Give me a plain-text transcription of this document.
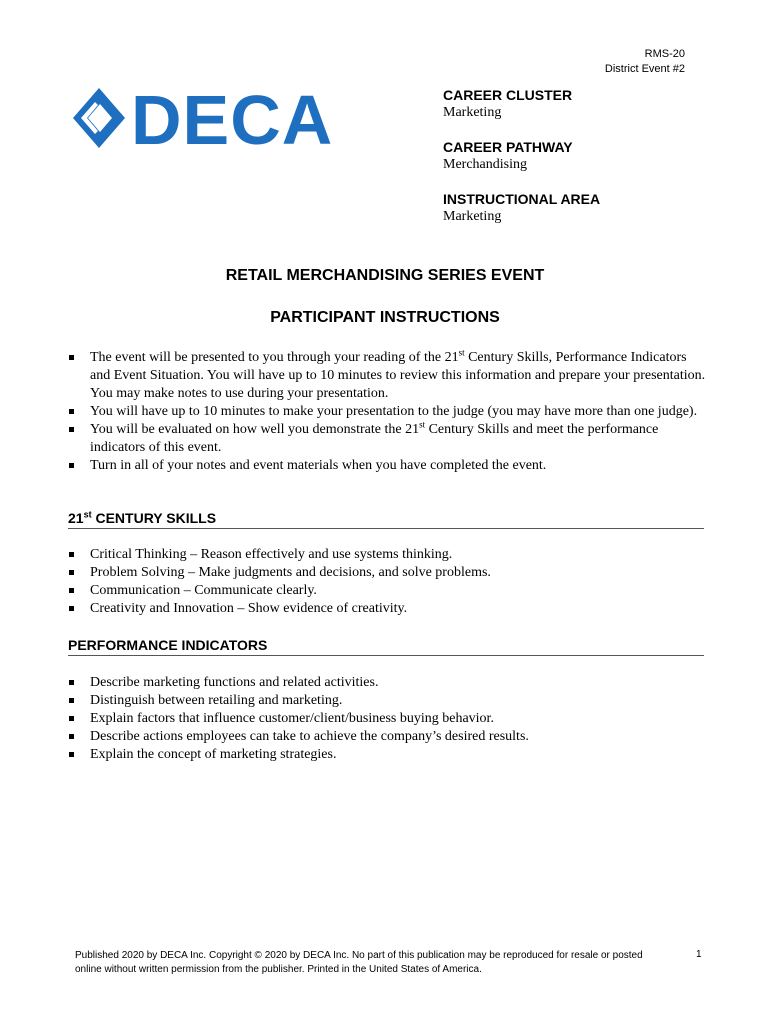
RMS-20
District Event #2
DECA	CAREER CLUSTER
Marketing
CAREER PATHWAY
Merchandising
INSTRUCTIONAL AREA
Marketing
RETAIL MERCHANDISING SERIES EVENT
PARTICIPANT INSTRUCTIONS
The event will be presented to you through your reading of the 21st Century Skills, Performance Indicators and Event Situation. You will have up to 10 minutes to review this information and prepare your presentation. You may make notes to use during your presentation.
You will have up to 10 minutes to make your presentation to the judge (you may have more than one judge).
You will be evaluated on how well you demonstrate the 21st Century Skills and meet the performance indicators of this event.
Turn in all of your notes and event materials when you have completed the event.
21st CENTURY SKILLS
Critical Thinking – Reason effectively and use systems thinking.
Problem Solving – Make judgments and decisions, and solve problems.
Communication – Communicate clearly.
Creativity and Innovation – Show evidence of creativity.
PERFORMANCE INDICATORS
Describe marketing functions and related activities.
Distinguish between retailing and marketing.
Explain factors that influence customer/client/business buying behavior.
Describe actions employees can take to achieve the company’s desired results.
Explain the concept of marketing strategies.
Published 2020 by DECA Inc. Copyright © 2020 by DECA Inc. No part of this publication may be reproduced for resale or posted
online without written permission from the publisher. Printed in the United States of America.
1
